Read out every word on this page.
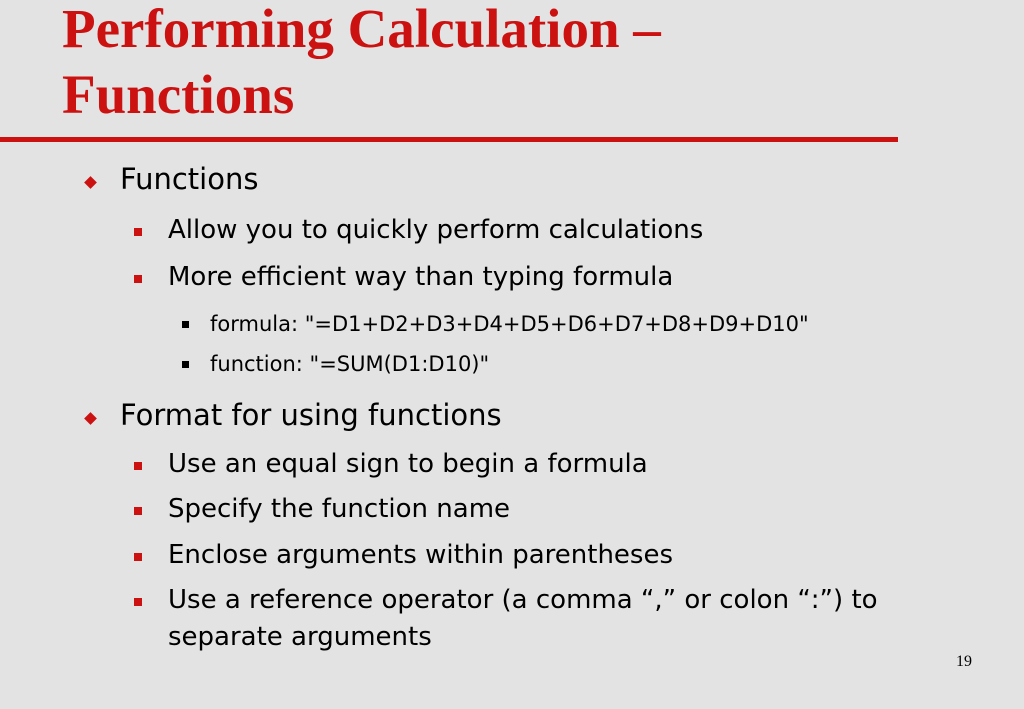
Performing Calculation –
Functions
Functions
Allow you to quickly perform calculations
More efficient way than typing formula
formula: "=D1+D2+D3+D4+D5+D6+D7+D8+D9+D10"
function: "=SUM(D1:D10)"
Format for using functions
Use an equal sign to begin a formula
Specify the function name
Enclose arguments within parentheses
Use a reference operator (a comma “,” or colon “:”) to
separate arguments
19
